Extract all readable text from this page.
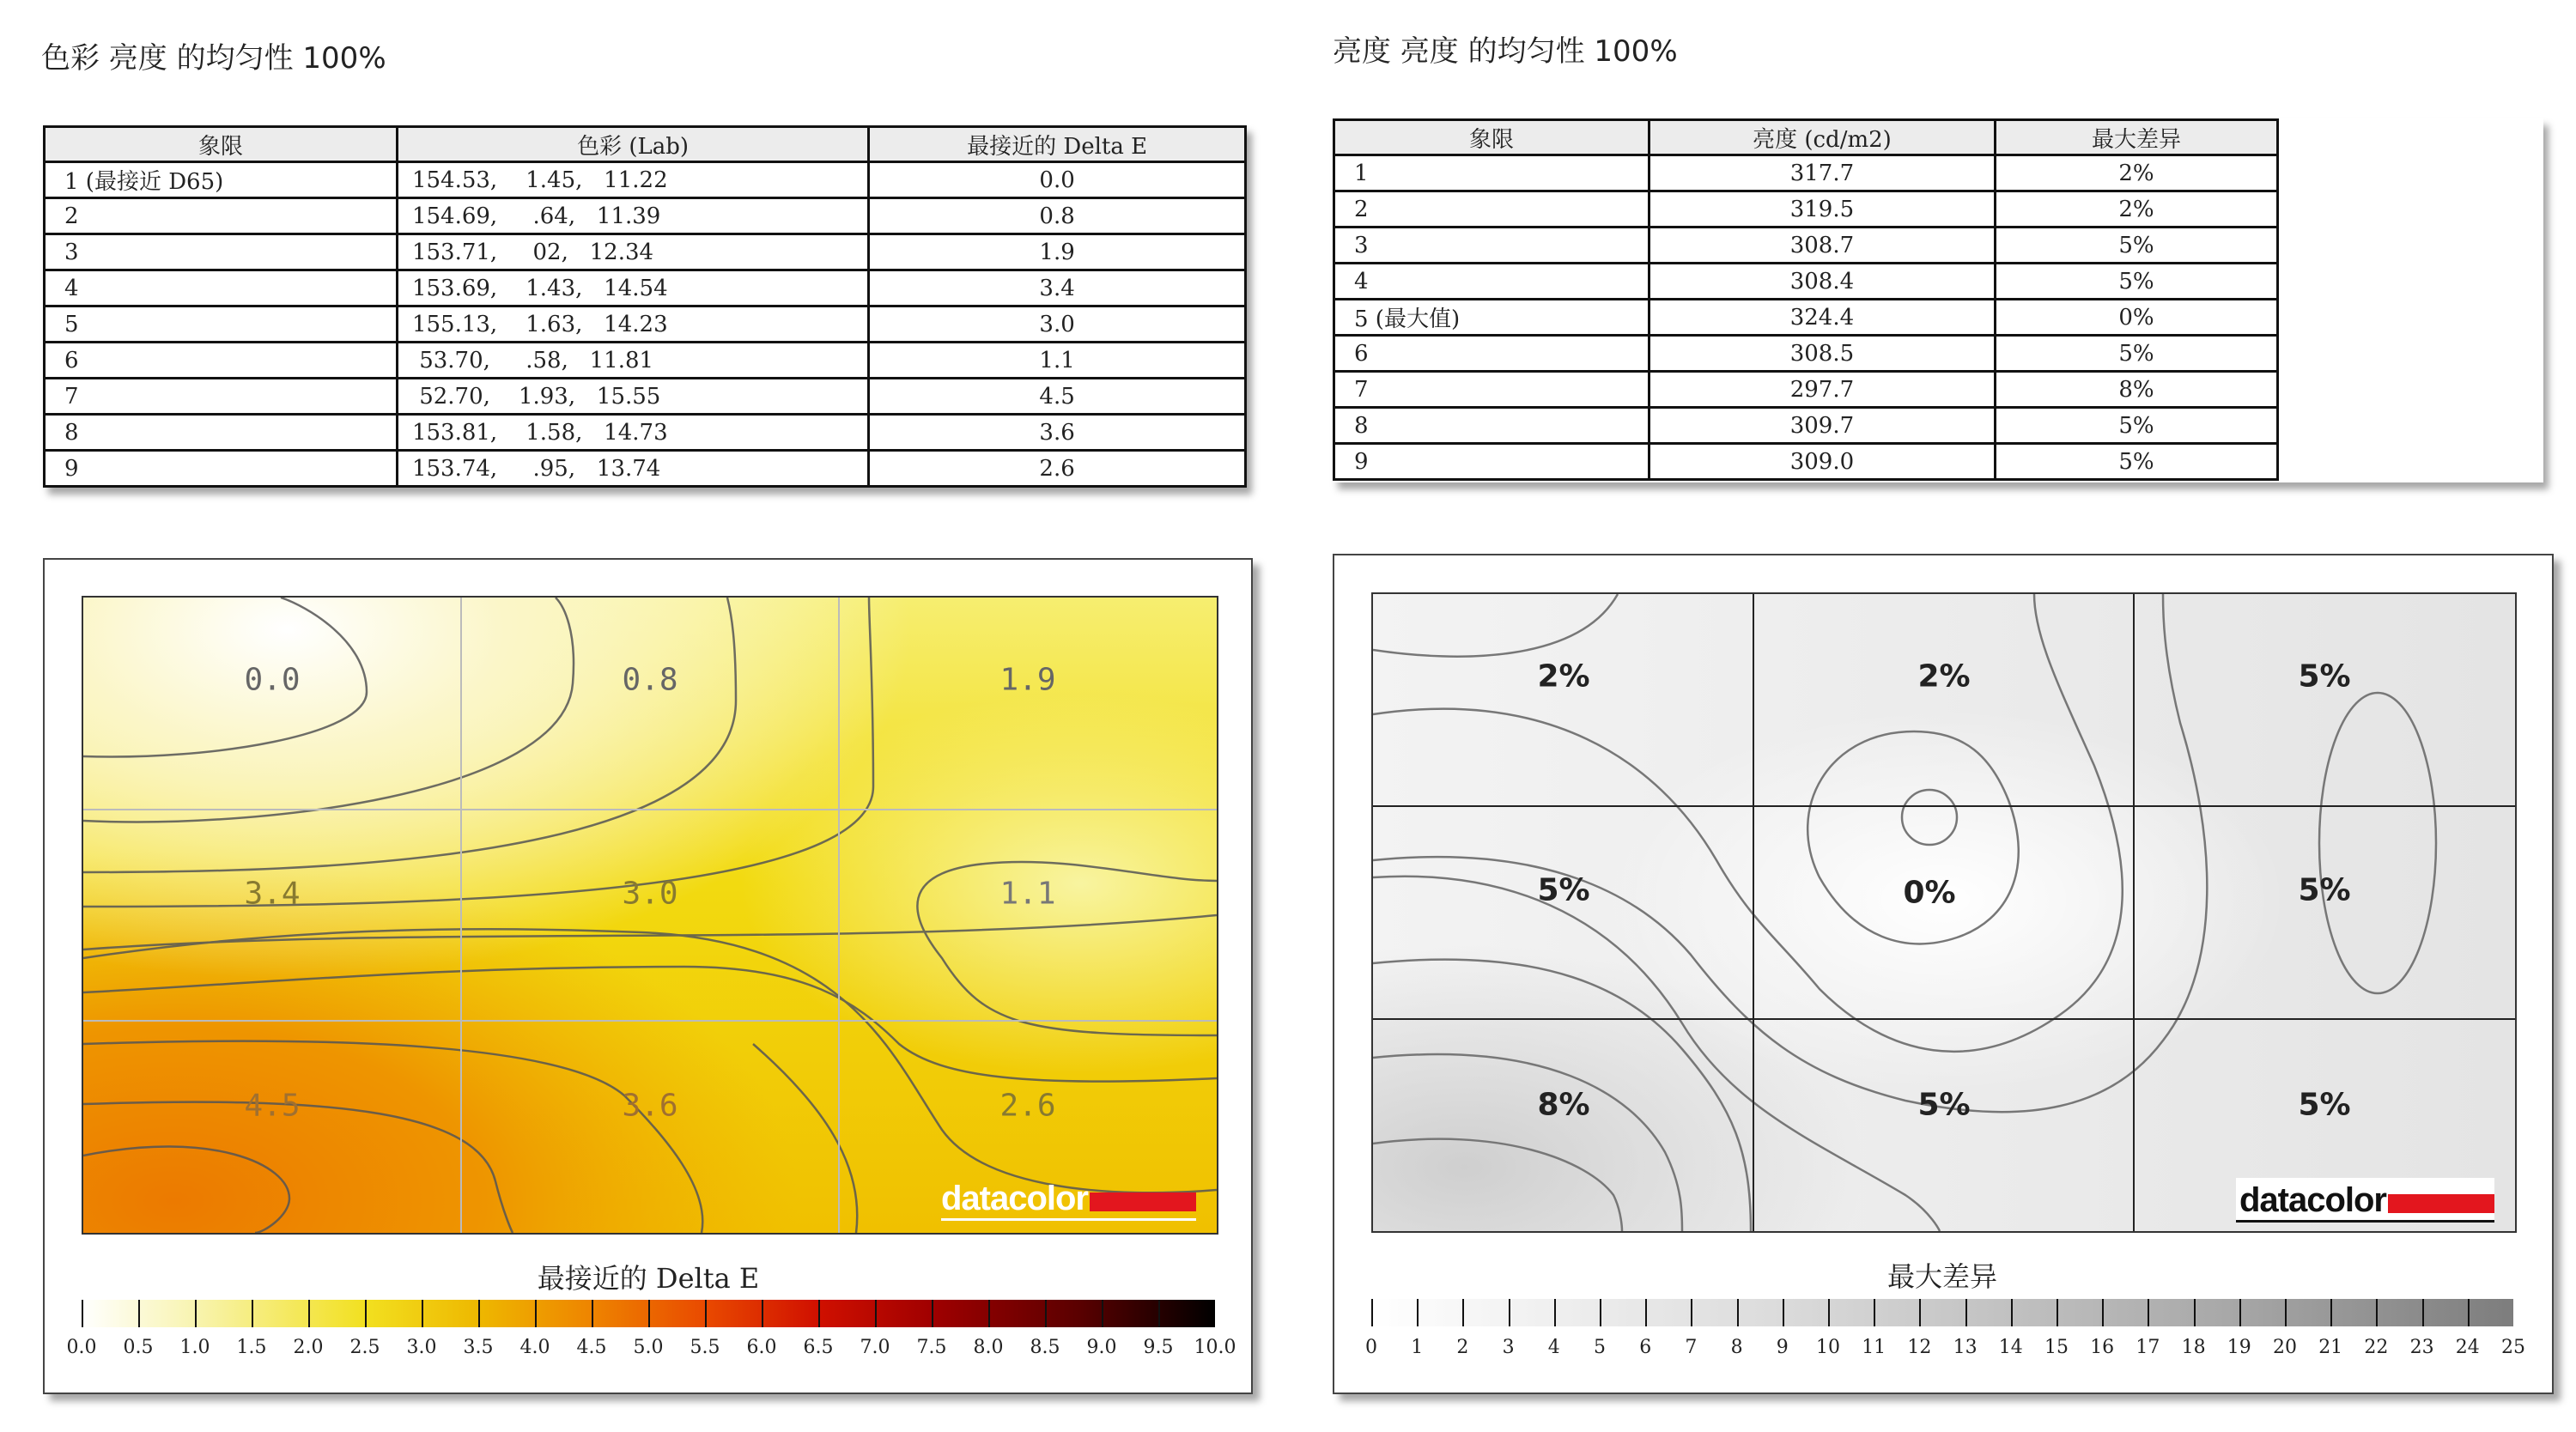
色彩 亮度 的均匀性 100%
象限	色彩 (Lab)	最接近的 Delta E
1 (最接近 D65)	154.53,    1.45,   11.22	0.0
2	154.69,     .64,   11.39	0.8
3	153.71,     02,   12.34	1.9
4	153.69,    1.43,   14.54	3.4
5	155.13,    1.63,   14.23	3.0
6	53.70,     .58,   11.81	1.1
7	52.70,    1.93,   15.55	4.5
8	153.81,    1.58,   14.73	3.6
9	153.74,     .95,   13.74	2.6
亮度 亮度 的均匀性 100%
象限	亮度 (cd/m2)	最大差异
1	317.7	2%
2	319.5	2%
3	308.7	5%
4	308.4	5%
5 (最大值)	324.4	0%
6	308.5	5%
7	297.7	8%
8	309.7	5%
9	309.0	5%
0.0	0.8	1.9
3.4	3.0	1.1
4.5	3.6	2.6
datacolor
最接近的 Delta E
0.0 0.5 1.0 1.5 2.0 2.5 3.0 3.5 4.0 4.5 5.0 5.5 6.0 6.5 7.0 7.5 8.0 8.5 9.0 9.5 10.0
2%	2%	5%
5%	0%	5%
8%	5%	5%
datacolor
最大差异
0 1 2 3 4 5 6 7 8 9 10 11 12 13 14 15 16 17 18 19 20 21 22 23 24 25
